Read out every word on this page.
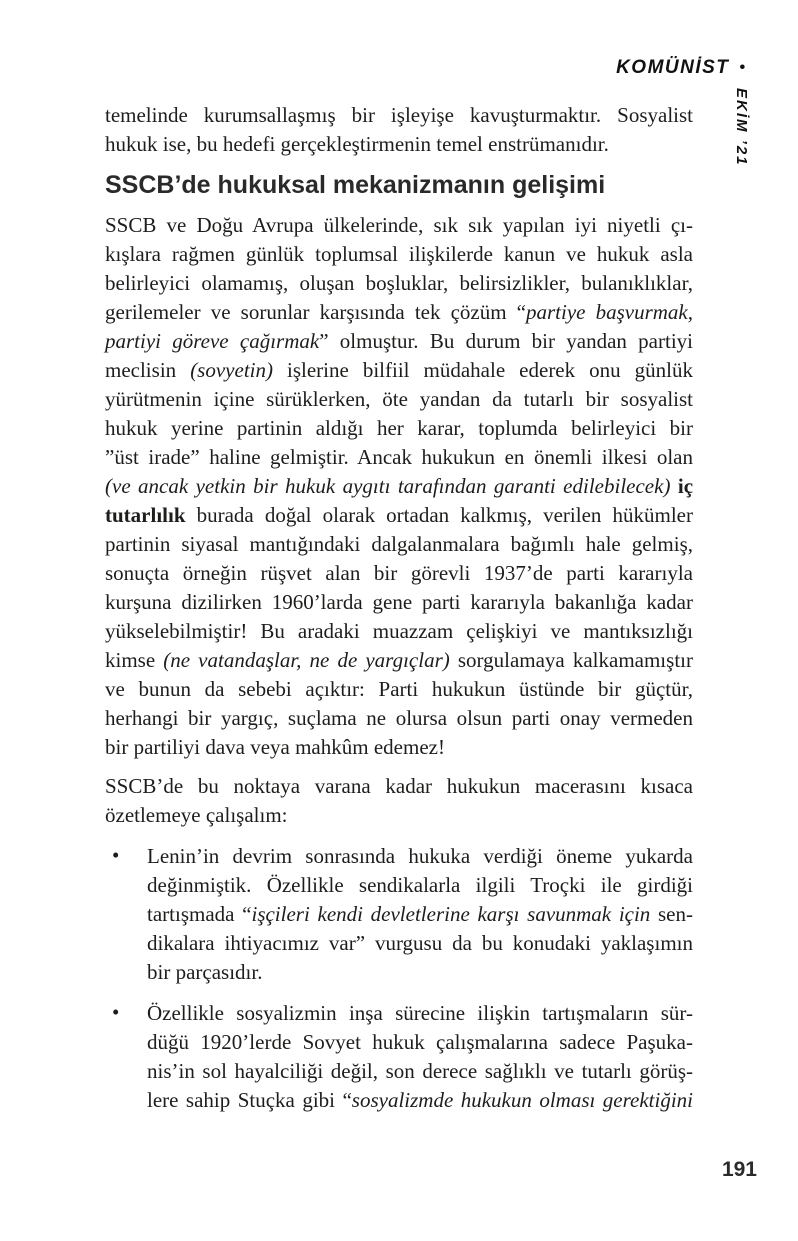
KOMÜNİST •
EKİM ’21
temelinde kurumsallaşmış bir işleyişe kavuşturmaktır. Sosyalist
hukuk ise, bu hedefi gerçekleştirmenin temel enstrümanıdır.
SSCB’de hukuksal mekanizmanın gelişimi
SSCB ve Doğu Avrupa ülkelerinde, sık sık yapılan iyi niyetli çı-
kışlara rağmen günlük toplumsal ilişkilerde kanun ve hukuk asla
belirleyici olamamış, oluşan boşluklar, belirsizlikler, bulanıklıklar,
gerilemeler ve sorunlar karşısında tek çözüm “partiye başvurmak,
partiyi göreve çağırmak” olmuştur. Bu durum bir yandan partiyi
meclisin (sovyetin) işlerine bilfiil müdahale ederek onu günlük
yürütmenin içine sürüklerken, öte yandan da tutarlı bir sosyalist
hukuk yerine partinin aldığı her karar, toplumda belirleyici bir
”üst irade” haline gelmiştir. Ancak hukukun en önemli ilkesi olan
(ve ancak yetkin bir hukuk aygıtı tarafından garanti edilebilecek) iç
tutarlılık burada doğal olarak ortadan kalkmış, verilen hükümler
partinin siyasal mantığındaki dalgalanmalara bağımlı hale gelmiş,
sonuçta örneğin rüşvet alan bir görevli 1937’de parti kararıyla
kurşuna dizilirken 1960’larda gene parti kararıyla bakanlığa kadar
yükselebilmiştir! Bu aradaki muazzam çelişkiyi ve mantıksızlığı
kimse (ne vatandaşlar, ne de yargıçlar) sorgulamaya kalkamamıştır
ve bunun da sebebi açıktır: Parti hukukun üstünde bir güçtür,
herhangi bir yargıç, suçlama ne olursa olsun parti onay vermeden
bir partiliyi dava veya mahkûm edemez!
SSCB’de bu noktaya varana kadar hukukun macerasını kısaca
özetlemeye çalışalım:
• Lenin’in devrim sonrasında hukuka verdiği öneme yukarda
değinmiştik. Özellikle sendikalarla ilgili Troçki ile girdiği
tartışmada “işçileri kendi devletlerine karşı savunmak için sen-
dikalara ihtiyacımız var” vurgusu da bu konudaki yaklaşımın
bir parçasıdır.
• Özellikle sosyalizmin inşa sürecine ilişkin tartışmaların sür-
düğü 1920’lerde Sovyet hukuk çalışmalarına sadece Paşuka-
nis’in sol hayalciliği değil, son derece sağlıklı ve tutarlı görüş-
lere sahip Stuçka gibi “sosyalizmde hukukun olması gerektiğini
191
